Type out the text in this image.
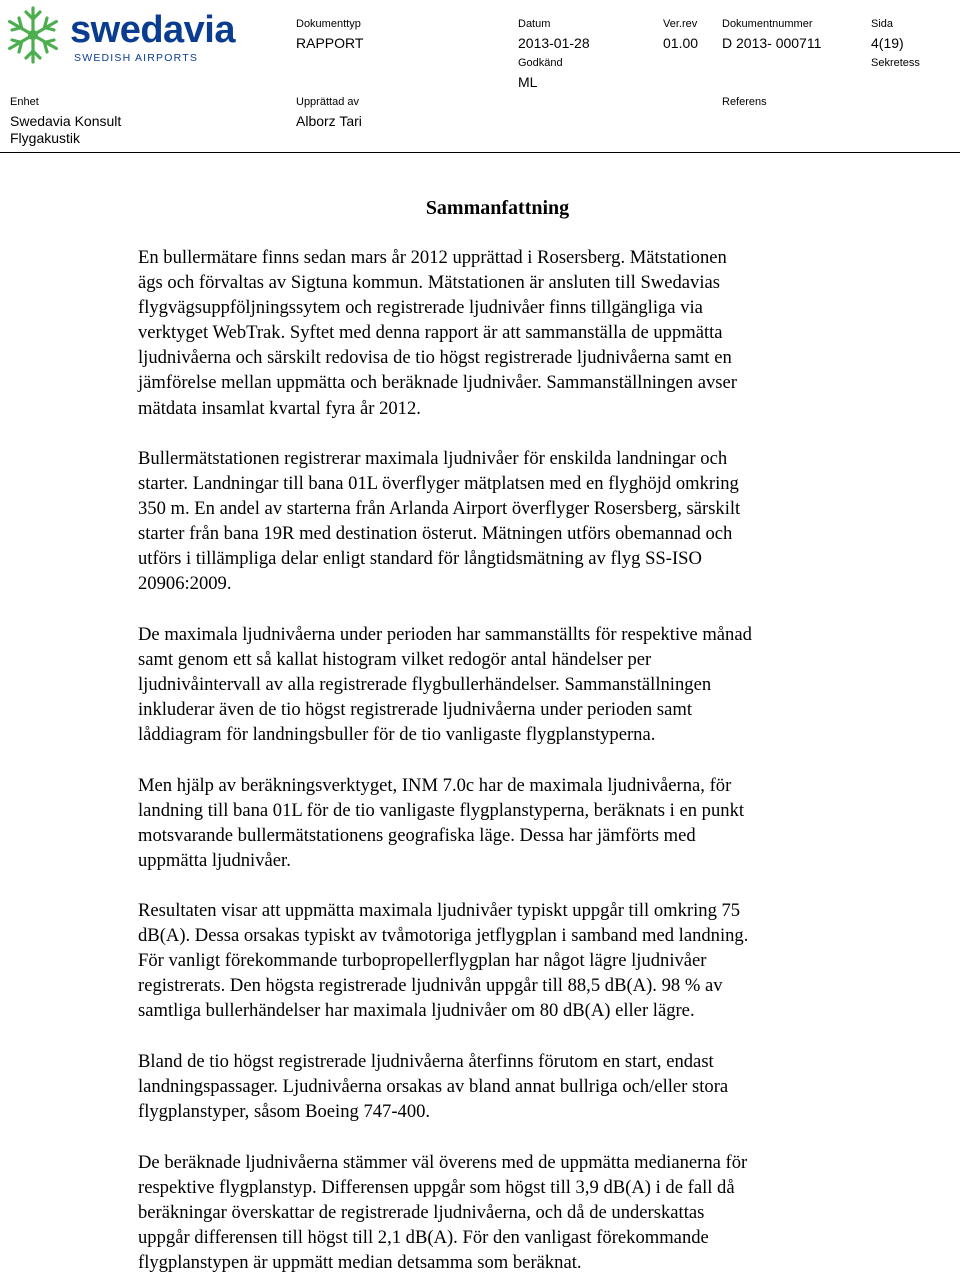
swedavia
SWEDISH AIRPORTS
Dokumenttyp
RAPPORT
Datum
2013-01-28
Ver.rev
01.00
Dokumentnummer
D 2013- 000711
Sida
4(19)
Godkänd
ML
Sekretess
Enhet
Swedavia Konsult
Flygakustik
Upprättad av
Alborz Tari
Referens
Sammanfattning

En bullermätare finns sedan mars år 2012 upprättad i Rosersberg. Mätstationen
ägs och förvaltas av Sigtuna kommun. Mätstationen är ansluten till Swedavias
flygvägsuppföljningssytem och registrerade ljudnivåer finns tillgängliga via
verktyget WebTrak. Syftet med denna rapport är att sammanställa de uppmätta
ljudnivåerna och särskilt redovisa de tio högst registrerade ljudnivåerna samt en
jämförelse mellan uppmätta och beräknade ljudnivåer. Sammanställningen avser
mätdata insamlat kvartal fyra år 2012.

Bullermätstationen registrerar maximala ljudnivåer för enskilda landningar och
starter. Landningar till bana 01L överflyger mätplatsen med en flyghöjd omkring
350 m. En andel av starterna från Arlanda Airport överflyger Rosersberg, särskilt
starter från bana 19R med destination österut. Mätningen utförs obemannad och
utförs i tillämpliga delar enligt standard för långtidsmätning av flyg SS-ISO
20906:2009.

De maximala ljudnivåerna under perioden har sammanställts för respektive månad
samt genom ett så kallat histogram vilket redogör antal händelser per
ljudnivåintervall av alla registrerade flygbullerhändelser. Sammanställningen
inkluderar även de tio högst registrerade ljudnivåerna under perioden samt
låddiagram för landningsbuller för de tio vanligaste flygplanstyperna.

Men hjälp av beräkningsverktyget, INM 7.0c har de maximala ljudnivåerna, för
landning till bana 01L för de tio vanligaste flygplanstyperna, beräknats i en punkt
motsvarande bullermätstationens geografiska läge. Dessa har jämförts med
uppmätta ljudnivåer.

Resultaten visar att uppmätta maximala ljudnivåer typiskt uppgår till omkring 75
dB(A). Dessa orsakas typiskt av tvåmotoriga jetflygplan i samband med landning.
För vanligt förekommande turbopropellerflygplan har något lägre ljudnivåer
registrerats. Den högsta registrerade ljudnivån uppgår till 88,5 dB(A). 98 % av
samtliga bullerhändelser har maximala ljudnivåer om 80 dB(A) eller lägre.

Bland de tio högst registrerade ljudnivåerna återfinns förutom en start, endast
landningspassager. Ljudnivåerna orsakas av bland annat bullriga och/eller stora
flygplanstyper, såsom Boeing 747-400.

De beräknade ljudnivåerna stämmer väl överens med de uppmätta medianerna för
respektive flygplanstyp. Differensen uppgår som högst till 3,9 dB(A) i de fall då
beräkningar överskattar de registrerade ljudnivåerna, och då de underskattas
uppgår differensen till högst till 2,1 dB(A). För den vanligast förekommande
flygplanstypen är uppmätt median detsamma som beräknat.
